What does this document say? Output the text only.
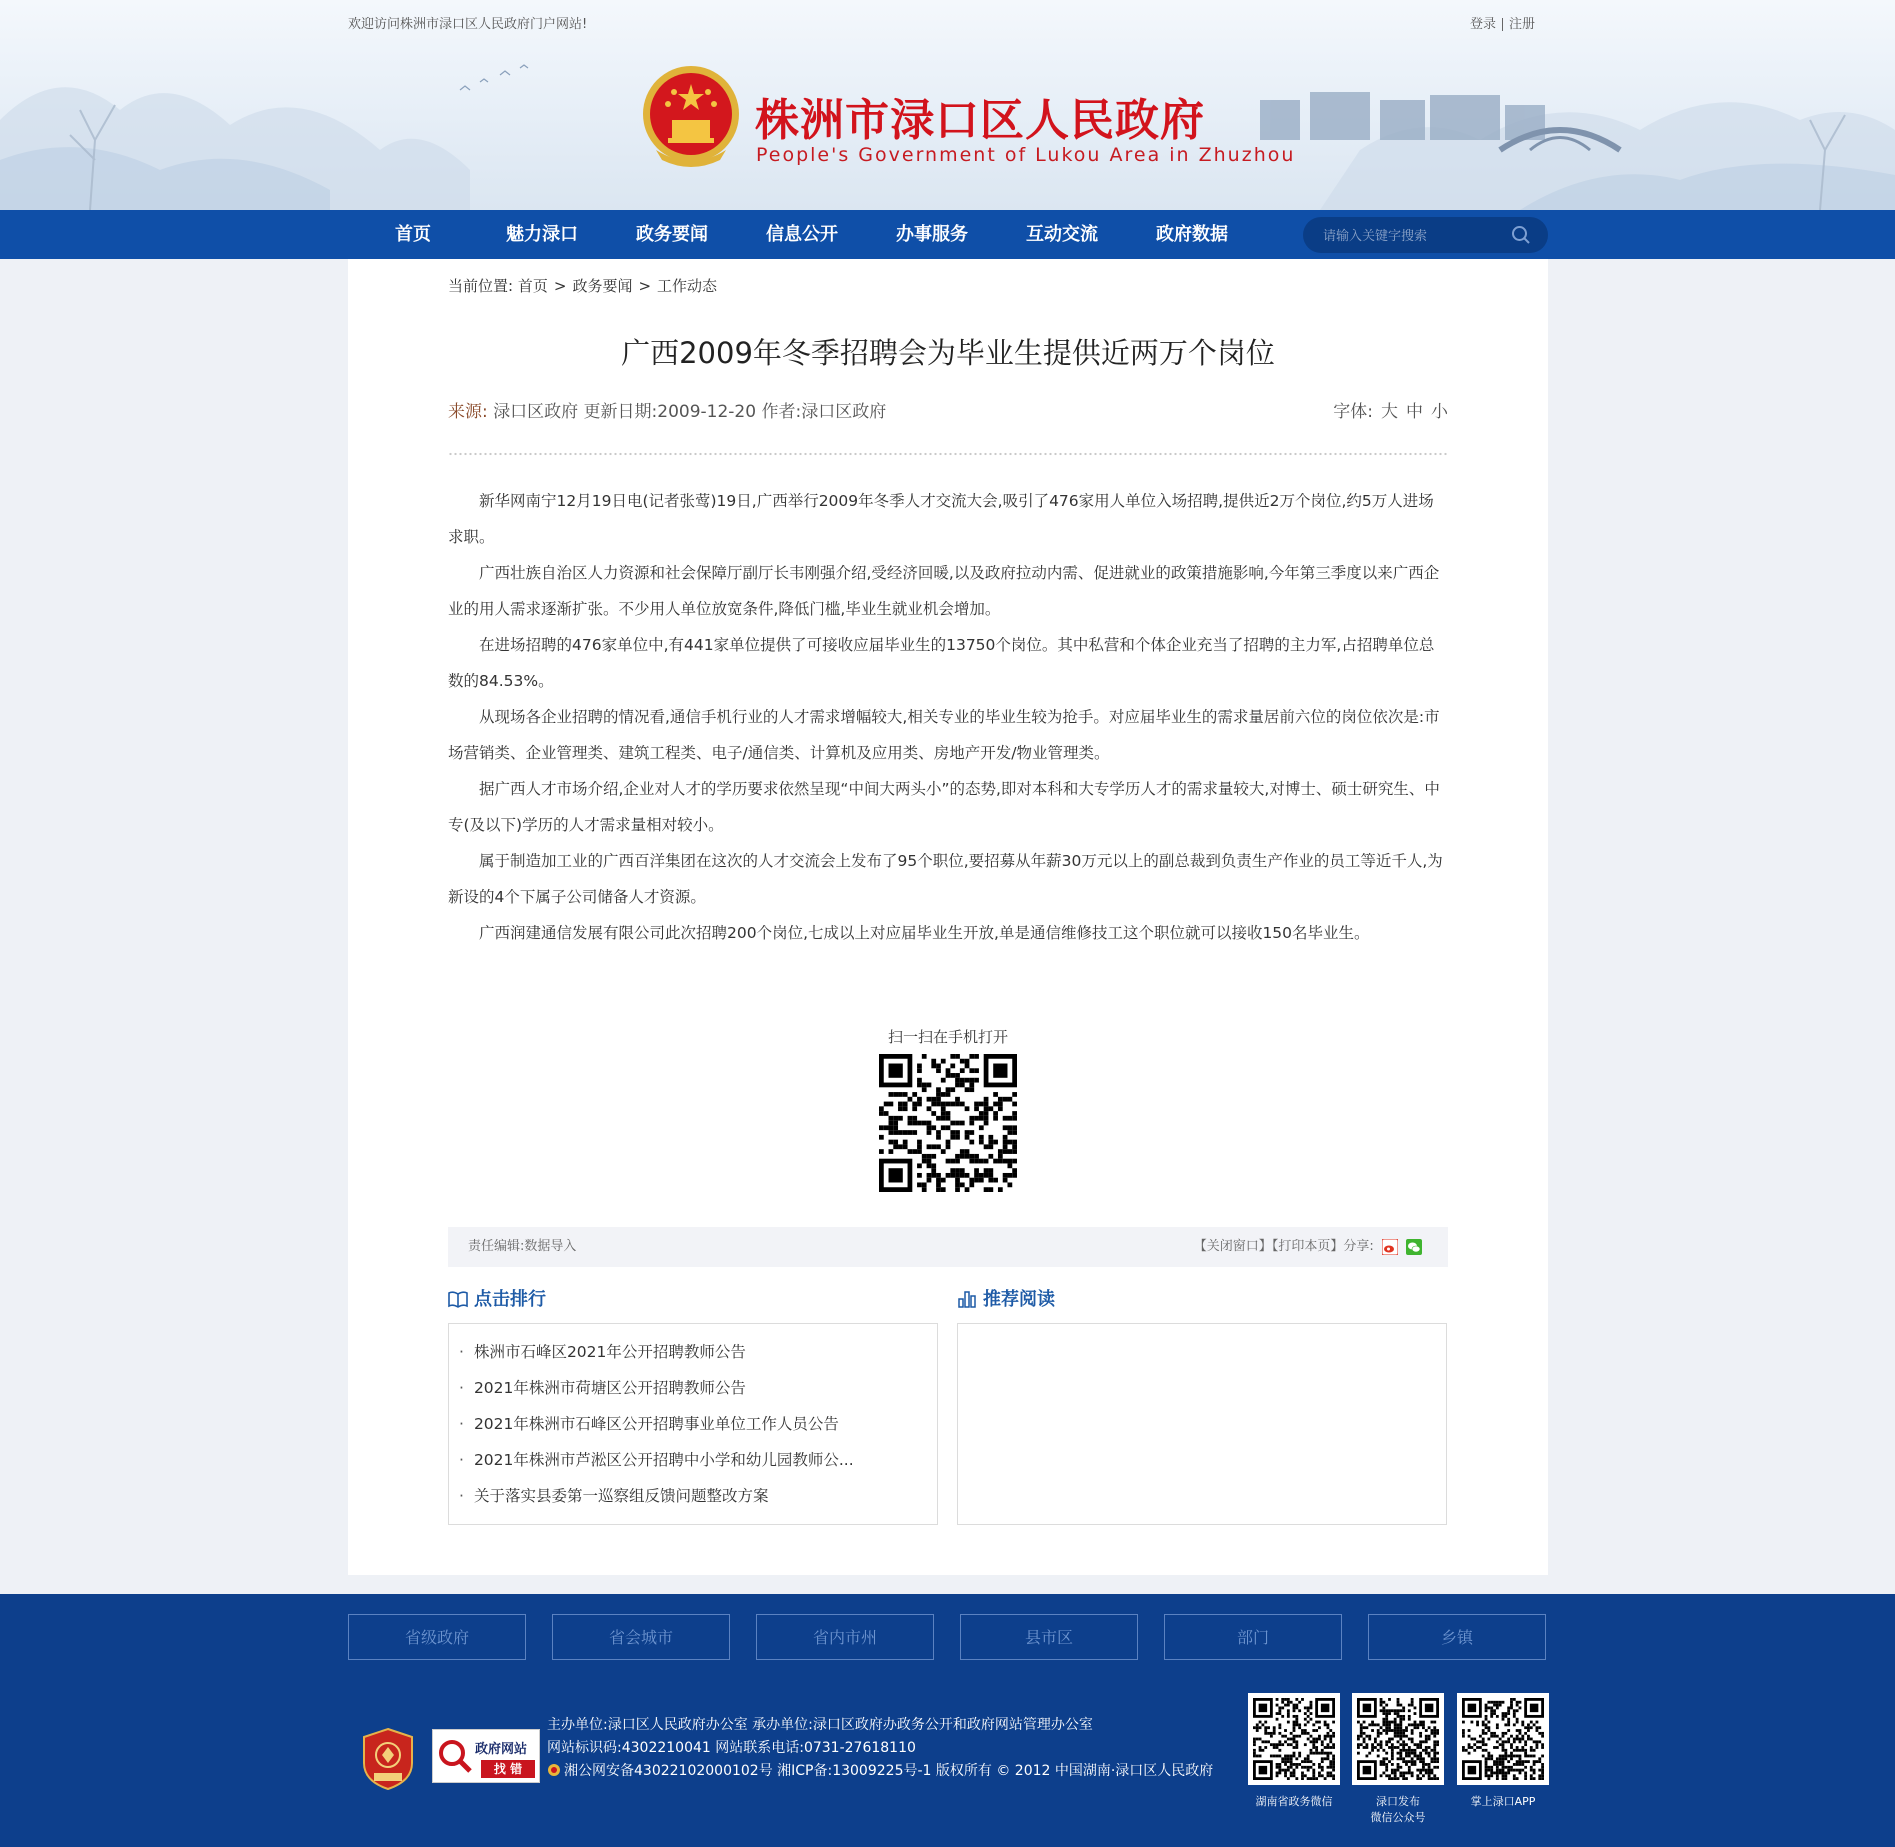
欢迎访问株洲市渌口区人民政府门户网站!	登录 注册
株洲市渌口区人民政府
People's Government of Lukou Area in Zhuzhou
首页	魅力渌口	政务要闻	信息公开	办事服务	互动交流	政府数据
请输入关键字搜索
当前位置: 首页 > 政务要闻 > 工作动态
广西2009年冬季招聘会为毕业生提供近两万个岗位
来源: 渌口区政府 更新日期:2009-12-20 作者:渌口区政府	字体: 大 中 小

新华网南宁12月19日电(记者张莺)19日,广西举行2009年冬季人才交流大会,吸引了476家用人单位入场招聘,提供近2万个岗位,约5万人进场求职。

广西壮族自治区人力资源和社会保障厅副厅长韦刚强介绍,受经济回暖,以及政府拉动内需、促进就业的政策措施影响,今年第三季度以来广西企业的用人需求逐渐扩张。不少用人单位放宽条件,降低门槛,毕业生就业机会增加。

在进场招聘的476家单位中,有441家单位提供了可接收应届毕业生的13750个岗位。其中私营和个体企业充当了招聘的主力军,占招聘单位总数的84.53%。

从现场各企业招聘的情况看,通信手机行业的人才需求增幅较大,相关专业的毕业生较为抢手。对应届毕业生的需求量居前六位的岗位依次是:市场营销类、企业管理类、建筑工程类、电子/通信类、计算机及应用类、房地产开发/物业管理类。

据广西人才市场介绍,企业对人才的学历要求依然呈现“中间大两头小”的态势,即对本科和大专学历人才的需求量较大,对博士、硕士研究生、中专(及以下)学历的人才需求量相对较小。

属于制造加工业的广西百洋集团在这次的人才交流会上发布了95个职位,要招募从年薪30万元以上的副总裁到负责生产作业的员工等近千人,为新设的4个下属子公司储备人才资源。

广西润建通信发展有限公司此次招聘200个岗位,七成以上对应届毕业生开放,单是通信维修技工这个职位就可以接收150名毕业生。

扫一扫在手机打开
责任编辑:数据导入	【关闭窗口】【打印本页】分享:
点击排行
· 株洲市石峰区2021年公开招聘教师公告
· 2021年株洲市荷塘区公开招聘教师公告
· 2021年株洲市石峰区公开招聘事业单位工作人员公告
· 2021年株洲市芦淞区公开招聘中小学和幼儿园教师公...
· 关于落实县委第一巡察组反馈问题整改方案
推荐阅读
省级政府	省会城市	省内市州	县市区	部门	乡镇
政府网站
找 错
主办单位:渌口区人民政府办公室 承办单位:渌口区政府办政务公开和政府网站管理办公室
网站标识码:4302210041 网站联系电话:0731-27618110
湘公网安备43022102000102号 湘ICP备:13009225号-1 版权所有 © 2012 中国湖南·渌口区人民政府
湖南省政务微信	渌口发布
微信公众号
掌上渌口APP
